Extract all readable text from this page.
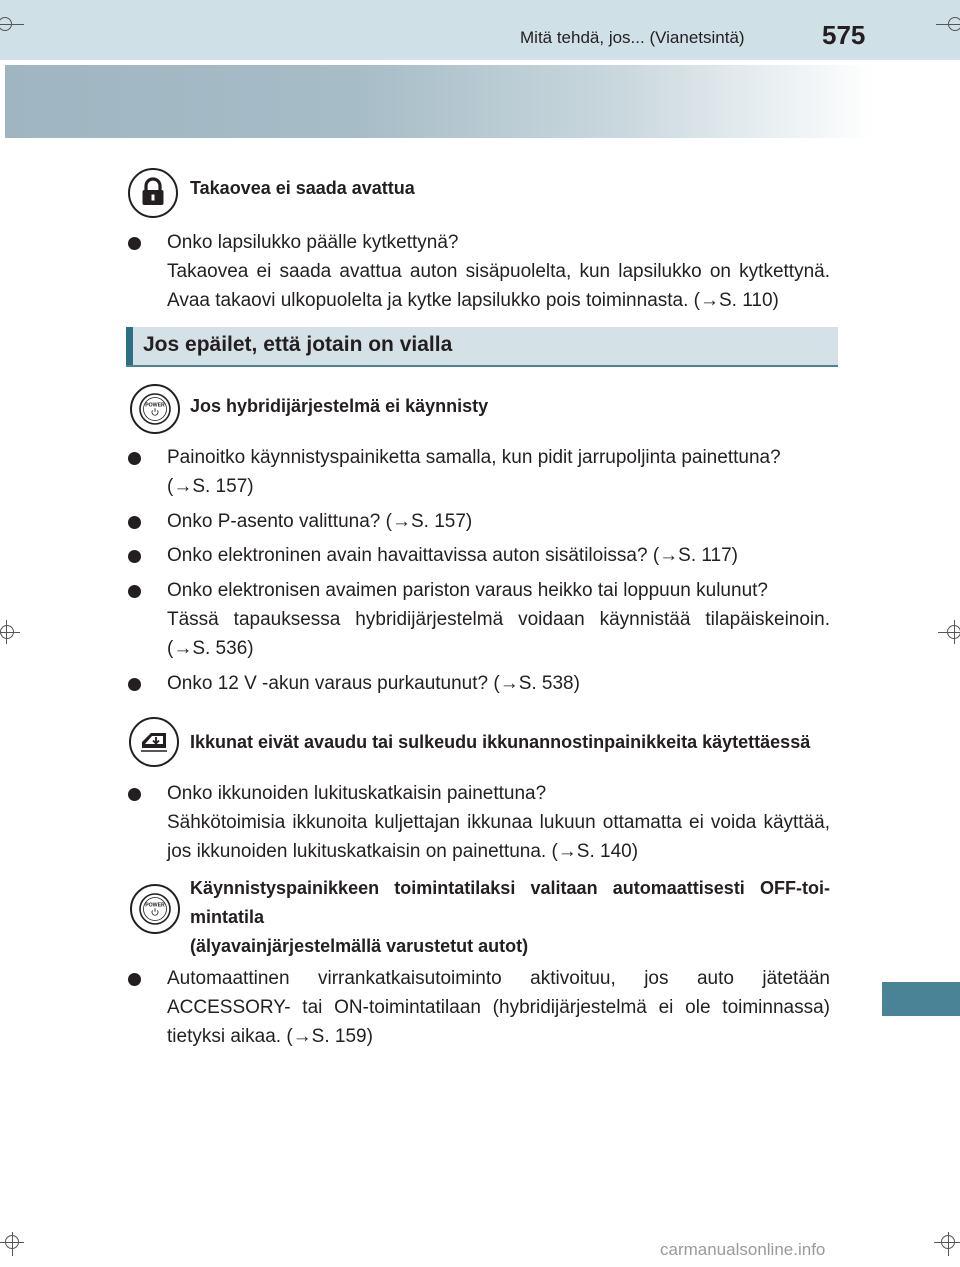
Mitä tehdä, jos... (Vianetsintä)	575
Takaovea ei saada avattua

Onko lapsilukko päälle kytkettynä?

Takaovea ei saada avattua auton sisäpuolelta, kun lapsilukko on kytkettynä. Avaa takaovi ulkopuolelta ja kytke lapsilukko pois toiminnasta. (→S. 110)

Jos epäilet, että jotain on vialla
POWER Jos hybridijärjestelmä ei käynnisty

Painoitko käynnistyspainiketta samalla, kun pidit jarrupoljinta painettuna? (→S. 157)

Onko P-asento valittuna? (→S. 157)

Onko elektroninen avain havaittavissa auton sisätiloissa? (→S. 117)

Onko elektronisen avaimen pariston varaus heikko tai loppuun kulunut?

Tässä tapauksessa hybridijärjestelmä voidaan käynnistää tilapäiskeinoin. (→S. 536)

Onko 12 V -akun varaus purkautunut? (→S. 538)

Ikkunat eivät avaudu tai sulkeudu ikkunannostinpainikkeita käytettäessä

Onko ikkunoiden lukituskatkaisin painettuna?

Sähkötoimisia ikkunoita kuljettajan ikkunaa lukuun ottamatta ei voida käyttää, jos ikkunoiden lukituskatkaisin on painettuna. (→S. 140)

POWER
Käynnistyspainikkeen toimintatilaksi valitaan automaattisesti OFF-toi-mintatila
(älyavainjärjestelmällä varustetut autot)

Automaattinen virrankatkaisutoiminto aktivoituu, jos auto jätetään ACCESSORY- tai ON-toimintatilaan (hybridijärjestelmä ei ole toiminnassa) tietyksi aikaa. (→S. 159)

carmanualsonline.info
